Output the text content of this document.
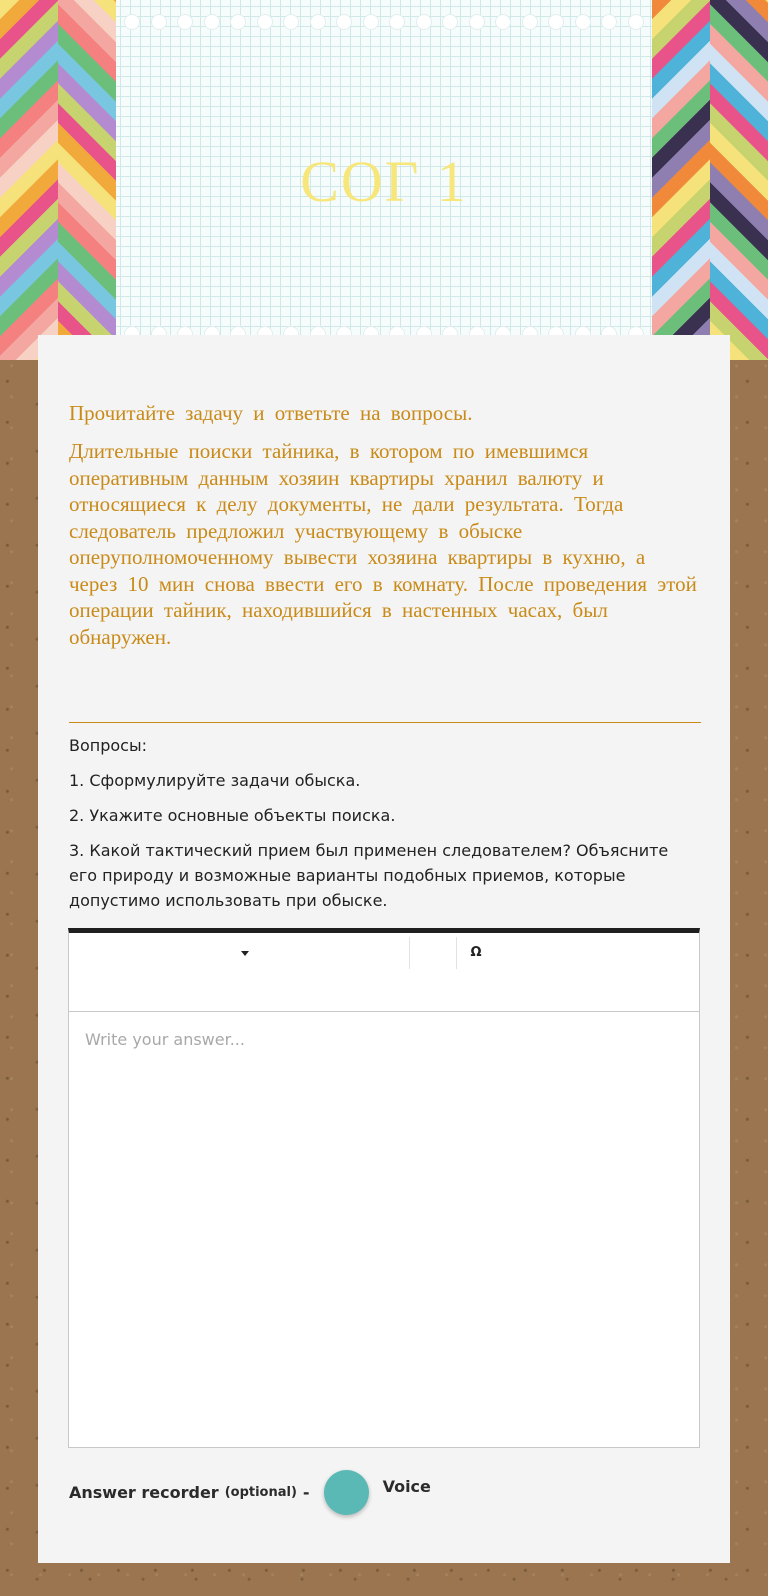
СОГ 1

Прочитайте задачу и ответьте на вопросы.

Длительные поиски тайника, в котором по имевшимся оперативным данным хозяин квартиры хранил валюту и относящиеся к делу документы, не дали результата. Тогда следователь предложил участвующему в обыске оперуполномоченному вывести хозяина квартиры в кухню, а через 10 мин снова ввести его в комнату. После проведения этой операции тайник, находившийся в настенных часах, был обнаружен.

Вопросы:

1. Сформулируйте задачи обыска.

2. Укажите основные объекты поиска.

3. Какой тактический прием был применен следователем? Объясните его природу и возможные варианты подобных приемов, которые допустимо использовать при обыске.

Ω
Write your answer...
Answer recorder (optional) -	Voice
